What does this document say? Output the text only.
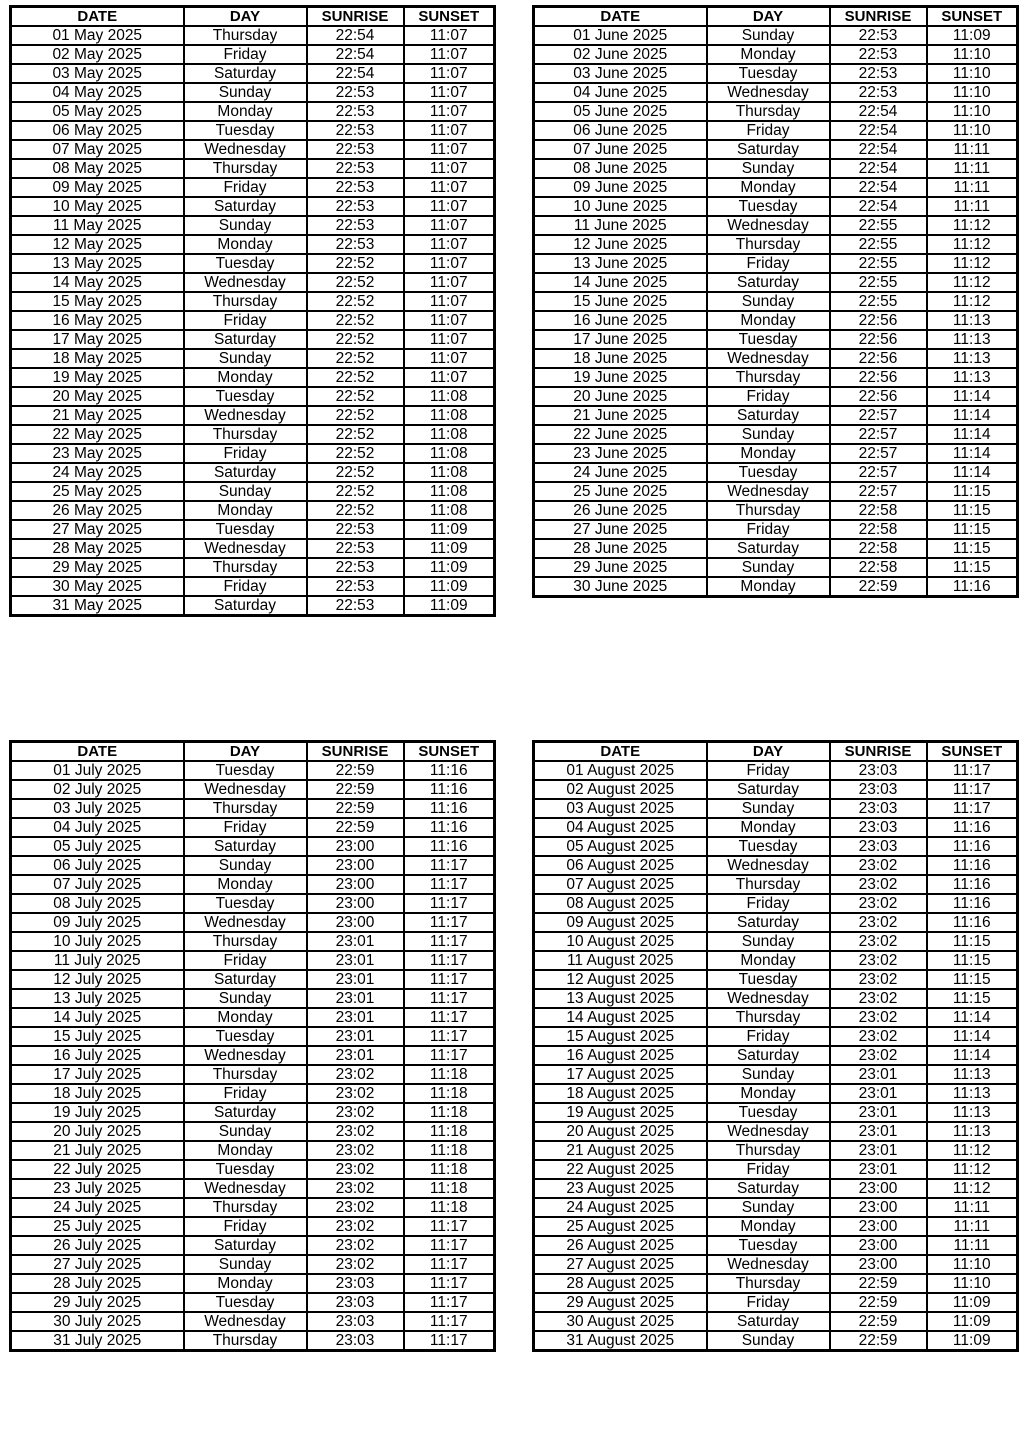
DATE	DAY	SUNRISE	SUNSET
01 May 2025	Thursday	22:54	11:07
02 May 2025	Friday	22:54	11:07
03 May 2025	Saturday	22:54	11:07
04 May 2025	Sunday	22:53	11:07
05 May 2025	Monday	22:53	11:07
06 May 2025	Tuesday	22:53	11:07
07 May 2025	Wednesday	22:53	11:07
08 May 2025	Thursday	22:53	11:07
09 May 2025	Friday	22:53	11:07
10 May 2025	Saturday	22:53	11:07
11 May 2025	Sunday	22:53	11:07
12 May 2025	Monday	22:53	11:07
13 May 2025	Tuesday	22:52	11:07
14 May 2025	Wednesday	22:52	11:07
15 May 2025	Thursday	22:52	11:07
16 May 2025	Friday	22:52	11:07
17 May 2025	Saturday	22:52	11:07
18 May 2025	Sunday	22:52	11:07
19 May 2025	Monday	22:52	11:07
20 May 2025	Tuesday	22:52	11:08
21 May 2025	Wednesday	22:52	11:08
22 May 2025	Thursday	22:52	11:08
23 May 2025	Friday	22:52	11:08
24 May 2025	Saturday	22:52	11:08
25 May 2025	Sunday	22:52	11:08
26 May 2025	Monday	22:52	11:08
27 May 2025	Tuesday	22:53	11:09
28 May 2025	Wednesday	22:53	11:09
29 May 2025	Thursday	22:53	11:09
30 May 2025	Friday	22:53	11:09
31 May 2025	Saturday	22:53	11:09
DATE	DAY	SUNRISE	SUNSET
01 June 2025	Sunday	22:53	11:09
02 June 2025	Monday	22:53	11:10
03 June 2025	Tuesday	22:53	11:10
04 June 2025	Wednesday	22:53	11:10
05 June 2025	Thursday	22:54	11:10
06 June 2025	Friday	22:54	11:10
07 June 2025	Saturday	22:54	11:11
08 June 2025	Sunday	22:54	11:11
09 June 2025	Monday	22:54	11:11
10 June 2025	Tuesday	22:54	11:11
11 June 2025	Wednesday	22:55	11:12
12 June 2025	Thursday	22:55	11:12
13 June 2025	Friday	22:55	11:12
14 June 2025	Saturday	22:55	11:12
15 June 2025	Sunday	22:55	11:12
16 June 2025	Monday	22:56	11:13
17 June 2025	Tuesday	22:56	11:13
18 June 2025	Wednesday	22:56	11:13
19 June 2025	Thursday	22:56	11:13
20 June 2025	Friday	22:56	11:14
21 June 2025	Saturday	22:57	11:14
22 June 2025	Sunday	22:57	11:14
23 June 2025	Monday	22:57	11:14
24 June 2025	Tuesday	22:57	11:14
25 June 2025	Wednesday	22:57	11:15
26 June 2025	Thursday	22:58	11:15
27 June 2025	Friday	22:58	11:15
28 June 2025	Saturday	22:58	11:15
29 June 2025	Sunday	22:58	11:15
30 June 2025	Monday	22:59	11:16
DATE	DAY	SUNRISE	SUNSET
01 July 2025	Tuesday	22:59	11:16
02 July 2025	Wednesday	22:59	11:16
03 July 2025	Thursday	22:59	11:16
04 July 2025	Friday	22:59	11:16
05 July 2025	Saturday	23:00	11:16
06 July 2025	Sunday	23:00	11:17
07 July 2025	Monday	23:00	11:17
08 July 2025	Tuesday	23:00	11:17
09 July 2025	Wednesday	23:00	11:17
10 July 2025	Thursday	23:01	11:17
11 July 2025	Friday	23:01	11:17
12 July 2025	Saturday	23:01	11:17
13 July 2025	Sunday	23:01	11:17
14 July 2025	Monday	23:01	11:17
15 July 2025	Tuesday	23:01	11:17
16 July 2025	Wednesday	23:01	11:17
17 July 2025	Thursday	23:02	11:18
18 July 2025	Friday	23:02	11:18
19 July 2025	Saturday	23:02	11:18
20 July 2025	Sunday	23:02	11:18
21 July 2025	Monday	23:02	11:18
22 July 2025	Tuesday	23:02	11:18
23 July 2025	Wednesday	23:02	11:18
24 July 2025	Thursday	23:02	11:18
25 July 2025	Friday	23:02	11:17
26 July 2025	Saturday	23:02	11:17
27 July 2025	Sunday	23:02	11:17
28 July 2025	Monday	23:03	11:17
29 July 2025	Tuesday	23:03	11:17
30 July 2025	Wednesday	23:03	11:17
31 July 2025	Thursday	23:03	11:17
DATE	DAY	SUNRISE	SUNSET
01 August 2025	Friday	23:03	11:17
02 August 2025	Saturday	23:03	11:17
03 August 2025	Sunday	23:03	11:17
04 August 2025	Monday	23:03	11:16
05 August 2025	Tuesday	23:03	11:16
06 August 2025	Wednesday	23:02	11:16
07 August 2025	Thursday	23:02	11:16
08 August 2025	Friday	23:02	11:16
09 August 2025	Saturday	23:02	11:16
10 August 2025	Sunday	23:02	11:15
11 August 2025	Monday	23:02	11:15
12 August 2025	Tuesday	23:02	11:15
13 August 2025	Wednesday	23:02	11:15
14 August 2025	Thursday	23:02	11:14
15 August 2025	Friday	23:02	11:14
16 August 2025	Saturday	23:02	11:14
17 August 2025	Sunday	23:01	11:13
18 August 2025	Monday	23:01	11:13
19 August 2025	Tuesday	23:01	11:13
20 August 2025	Wednesday	23:01	11:13
21 August 2025	Thursday	23:01	11:12
22 August 2025	Friday	23:01	11:12
23 August 2025	Saturday	23:00	11:12
24 August 2025	Sunday	23:00	11:11
25 August 2025	Monday	23:00	11:11
26 August 2025	Tuesday	23:00	11:11
27 August 2025	Wednesday	23:00	11:10
28 August 2025	Thursday	22:59	11:10
29 August 2025	Friday	22:59	11:09
30 August 2025	Saturday	22:59	11:09
31 August 2025	Sunday	22:59	11:09
